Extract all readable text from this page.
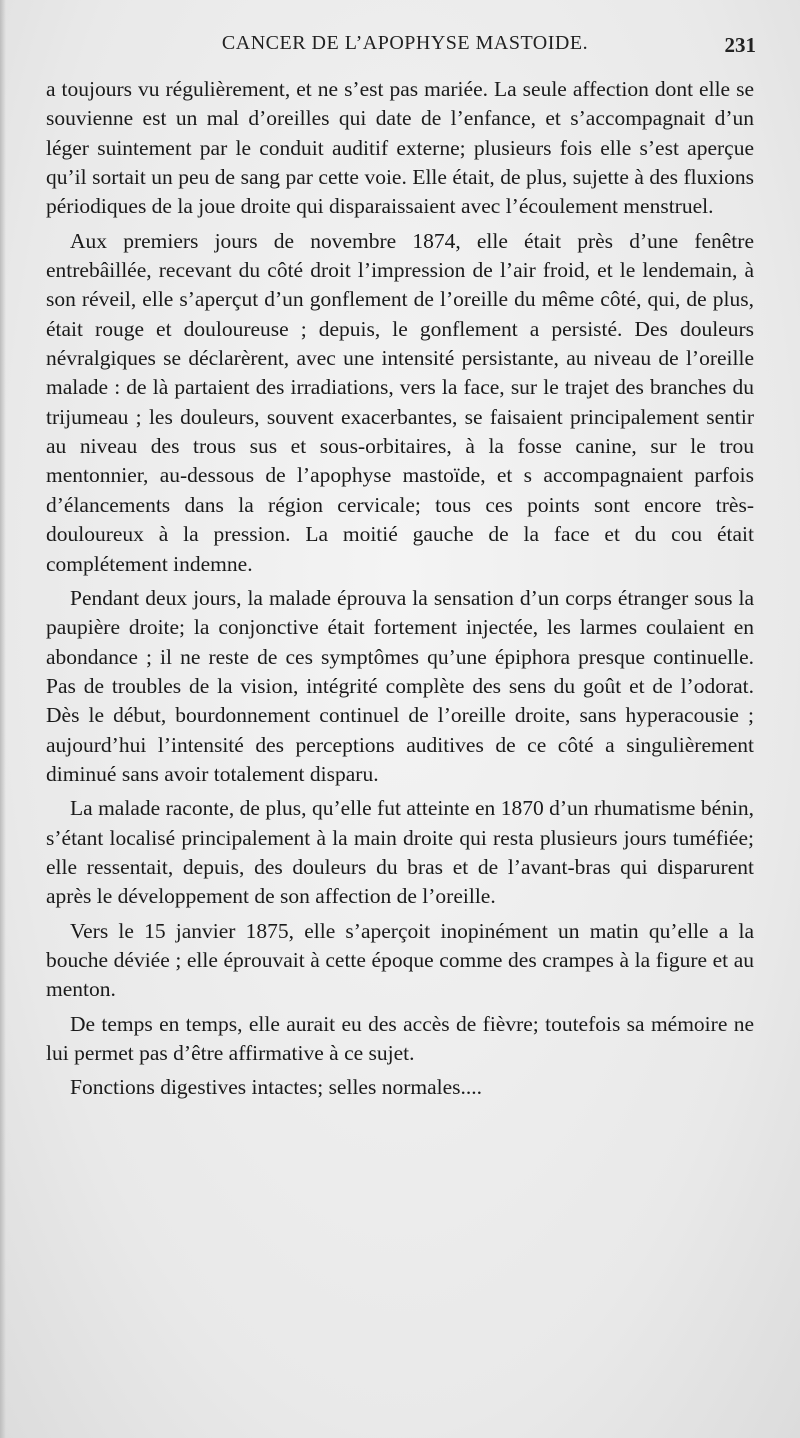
CANCER DE L’APOPHYSE MASTOIDE.	231

a toujours vu régulièrement, et ne s’est pas mariée. La seule affection dont elle se souvienne est un mal d’oreilles qui date de l’enfance, et s’accompagnait d’un léger suintement par le conduit auditif externe; plusieurs fois elle s’est aperçue qu’il sortait un peu de sang par cette voie. Elle était, de plus, sujette à des fluxions périodiques de la joue droite qui disparaissaient avec l’écoulement menstruel.

Aux premiers jours de novembre 1874, elle était près d’une fenêtre entrebâillée, recevant du côté droit l’impression de l’air froid, et le lendemain, à son réveil, elle s’aperçut d’un gonflement de l’oreille du même côté, qui, de plus, était rouge et douloureuse ; depuis, le gonflement a persisté. Des douleurs névralgiques se déclarèrent, avec une intensité persistante, au niveau de l’oreille malade : de là partaient des irradiations, vers la face, sur le trajet des branches du trijumeau ; les douleurs, souvent exacerbantes, se faisaient principalement sentir au niveau des trous sus et sous-orbitaires, à la fosse canine, sur le trou mentonnier, au-dessous de l’apophyse mastoïde, et s accompagnaient parfois d’élancements dans la région cervicale; tous ces points sont encore très-douloureux à la pression. La moitié gauche de la face et du cou était complétement indemne.

Pendant deux jours, la malade éprouva la sensation d’un corps étranger sous la paupière droite; la conjonctive était fortement injectée, les larmes coulaient en abondance ; il ne reste de ces symptômes qu’une épiphora presque continuelle. Pas de troubles de la vision, intégrité complète des sens du goût et de l’odorat. Dès le début, bourdonnement continuel de l’oreille droite, sans hyperacousie ; aujourd’hui l’intensité des perceptions auditives de ce côté a singulièrement diminué sans avoir totalement disparu.

La malade raconte, de plus, qu’elle fut atteinte en 1870 d’un rhumatisme bénin, s’étant localisé principalement à la main droite qui resta plusieurs jours tuméfiée; elle ressentait, depuis, des douleurs du bras et de l’avant-bras qui disparurent après le développement de son affection de l’oreille.

Vers le 15 janvier 1875, elle s’aperçoit inopinément un matin qu’elle a la bouche déviée ; elle éprouvait à cette époque comme des crampes à la figure et au menton.

De temps en temps, elle aurait eu des accès de fièvre; toutefois sa mémoire ne lui permet pas d’être affirmative à ce sujet.

Fonctions digestives intactes; selles normales....
